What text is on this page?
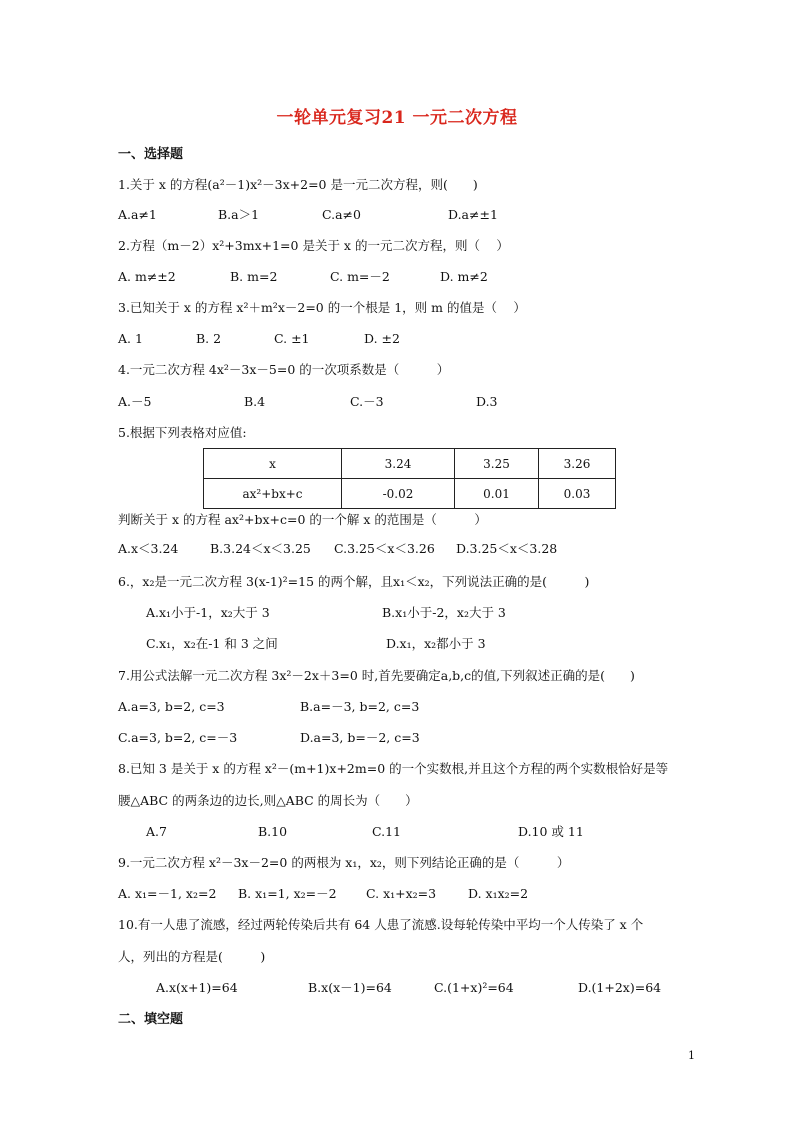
一轮单元复习21 一元二次方程
一、选择题
1.关于 x 的方程(a²－1)x²－3x+2=0 是一元二次方程，则(　　)
A.a≠1	B.a＞1	C.a≠0	D.a≠±1
2.方程（m－2）x²+3mx+1=0 是关于 x 的一元二次方程，则（　 ）
A. m≠±2	B. m=2	C. m=－2	D. m≠2
3.已知关于 x 的方程 x²＋m²x－2=0 的一个根是 1，则 m 的值是（　 ）
A. 1	B. 2	C. ±1	D. ±2
4.一元二次方程 4x²－3x－5=0 的一次项系数是（　　　）
A.－5	B.4	C.－3	D.3
5.根据下列表格对应值:
x	3.24	3.25	3.26
ax²+bx+c	-0.02	0.01	0.03
判断关于 x 的方程 ax²+bx+c=0 的一个解 x 的范围是（　　　）
A.x＜3.24	B.3.24＜x＜3.25 C.3.25＜x＜3.26 D.3.25＜x＜3.28
6.，x₂是一元二次方程 3(x-1)²=15 的两个解，且x₁＜x₂，下列说法正确的是(　　　)
A.x₁小于-1，x₂大于 3	B.x₁小于-2，x₂大于 3
C.x₁，x₂在-1 和 3 之间	D.x₁，x₂都小于 3
7.用公式法解一元二次方程 3x²－2x＋3=0 时,首先要确定a,b,c的值,下列叙述正确的是(　　)
A.a=3, b=2, c=3	B.a=－3, b=2, c=3
C.a=3, b=2, c=－3	D.a=3, b=－2, c=3
8.已知 3 是关于 x 的方程 x²－(m+1)x+2m=0 的一个实数根,并且这个方程的两个实数根恰好是等
腰△ABC 的两条边的边长,则△ABC 的周长为（　　）
A.7	B.10	C.11	D.10 或 11
9.一元二次方程 x²－3x－2=0 的两根为 x₁，x₂，则下列结论正确的是（　　　）
A. x₁=－1, x₂=2 B. x₁=1, x₂=－2 C. x₁+x₂=3	D. x₁x₂=2
10.有一人患了流感，经过两轮传染后共有 64 人患了流感.设每轮传染中平均一个人传染了 x 个
人，列出的方程是(　　　)
A.x(x+1)=64	B.x(x－1)=64	C.(1+x)²=64	D.(1+2x)=64
二、填空题
1
